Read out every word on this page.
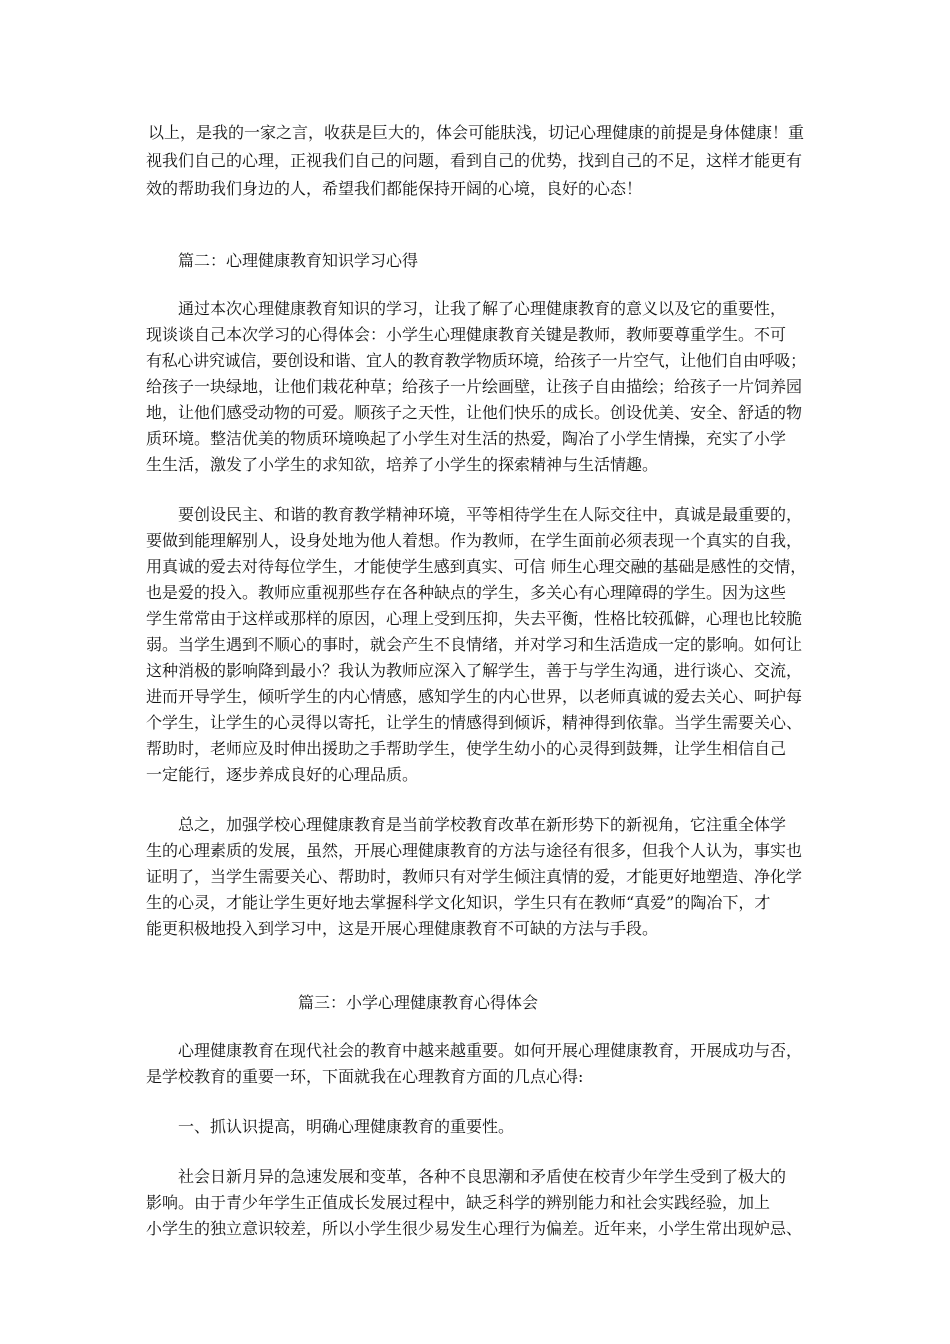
以上，是我的一家之言，收获是巨大的，体会可能肤浅，切记心理健康的前提是身体健康！重
视我们自己的心理，正视我们自己的问题，看到自己的优势，找到自己的不足，这样才能更有
效的帮助我们身边的人，希望我们都能保持开阔的心境，良好的心态！
篇二：心理健康教育知识学习心得
通过本次心理健康教育知识的学习，让我了解了心理健康教育的意义以及它的重要性，
现谈谈自己本次学习的心得体会：小学生心理健康教育关键是教师，教师要尊重学生。不可
有私心讲究诚信，要创设和谐、宜人的教育教学物质环境，给孩子一片空气，让他们自由呼吸；
给孩子一块绿地，让他们栽花种草；给孩子一片绘画壁，让孩子自由描绘；给孩子一片饲养园
地，让他们感受动物的可爱。顺孩子之天性，让他们快乐的成长。创设优美、安全、舒适的物
质环境。整洁优美的物质环境唤起了小学生对生活的热爱，陶冶了小学生情操，充实了小学
生生活，激发了小学生的求知欲，培养了小学生的探索精神与生活情趣。
要创设民主、和谐的教育教学精神环境，平等相待学生在人际交往中，真诚是最重要的，
要做到能理解别人，设身处地为他人着想。作为教师，在学生面前必须表现一个真实的自我，
用真诚的爱去对待每位学生，才能使学生感到真实、可信 师生心理交融的基础是感性的交情，
也是爱的投入。教师应重视那些存在各种缺点的学生，多关心有心理障碍的学生。因为这些
学生常常由于这样或那样的原因，心理上受到压抑，失去平衡，性格比较孤僻，心理也比较脆
弱。当学生遇到不顺心的事时，就会产生不良情绪，并对学习和生活造成一定的影响。如何让
这种消极的影响降到最小？我认为教师应深入了解学生，善于与学生沟通，进行谈心、交流，
进而开导学生，倾听学生的内心情感，感知学生的内心世界，以老师真诚的爱去关心、呵护每
个学生，让学生的心灵得以寄托，让学生的情感得到倾诉，精神得到依靠。当学生需要关心、
帮助时，老师应及时伸出援助之手帮助学生，使学生幼小的心灵得到鼓舞，让学生相信自己
一定能行，逐步养成良好的心理品质。
总之，加强学校心理健康教育是当前学校教育改革在新形势下的新视角，它注重全体学
生的心理素质的发展，虽然，开展心理健康教育的方法与途径有很多，但我个人认为，事实也
证明了，当学生需要关心、帮助时，教师只有对学生倾注真情的爱，才能更好地塑造、净化学
生的心灵，才能让学生更好地去掌握科学文化知识，学生只有在教师“真爱”的陶冶下，才
能更积极地投入到学习中，这是开展心理健康教育不可缺的方法与手段。
篇三：小学心理健康教育心得体会
心理健康教育在现代社会的教育中越来越重要。如何开展心理健康教育，开展成功与否，
是学校教育的重要一环，下面就我在心理教育方面的几点心得:
一、抓认识提高，明确心理健康教育的重要性。
社会日新月异的急速发展和变革，各种不良思潮和矛盾使在校青少年学生受到了极大的
影响。由于青少年学生正值成长发展过程中，缺乏科学的辨别能力和社会实践经验，加上
小学生的独立意识较差，所以小学生很少易发生心理行为偏差。近年来，小学生常出现妒忌、
